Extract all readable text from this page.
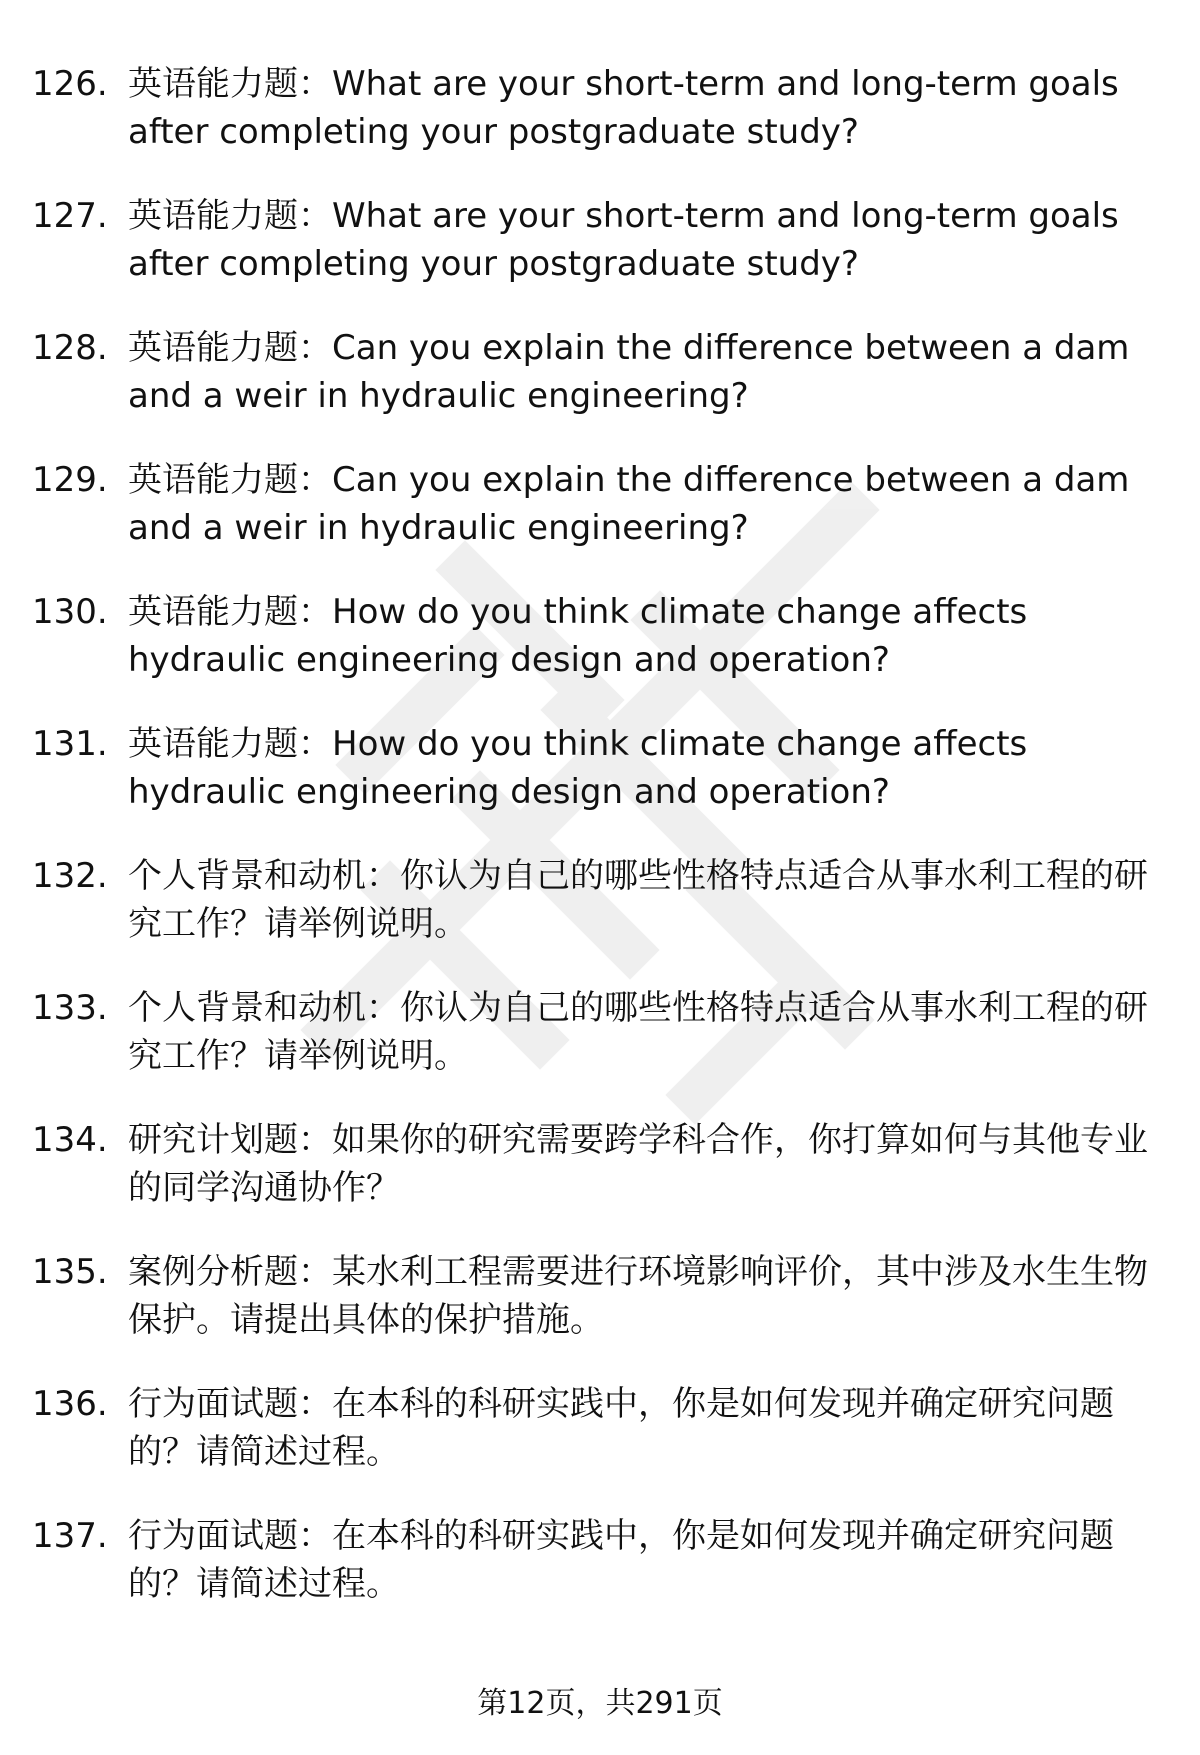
126. 英语能力题：What are your short-term and long-term goals after completing your postgraduate study?
127. 英语能力题：What are your short-term and long-term goals after completing your postgraduate study?
128. 英语能力题：Can you explain the difference between a dam and a weir in hydraulic engineering?
129. 英语能力题：Can you explain the difference between a dam and a weir in hydraulic engineering?
130. 英语能力题：How do you think climate change affects hydraulic engineering design and operation?
131. 英语能力题：How do you think climate change affects hydraulic engineering design and operation?
132. 个人背景和动机：你认为自己的哪些性格特点适合从事水利工程的研究工作？请举例说明。
133. 个人背景和动机：你认为自己的哪些性格特点适合从事水利工程的研究工作？请举例说明。
134. 研究计划题：如果你的研究需要跨学科合作，你打算如何与其他专业的同学沟通协作？
135. 案例分析题：某水利工程需要进行环境影响评价，其中涉及水生生物保护。请提出具体的保护措施。
136. 行为面试题：在本科的科研实践中，你是如何发现并确定研究问题的？请简述过程。
137. 行为面试题：在本科的科研实践中，你是如何发现并确定研究问题的？请简述过程。
第12页，共291页
